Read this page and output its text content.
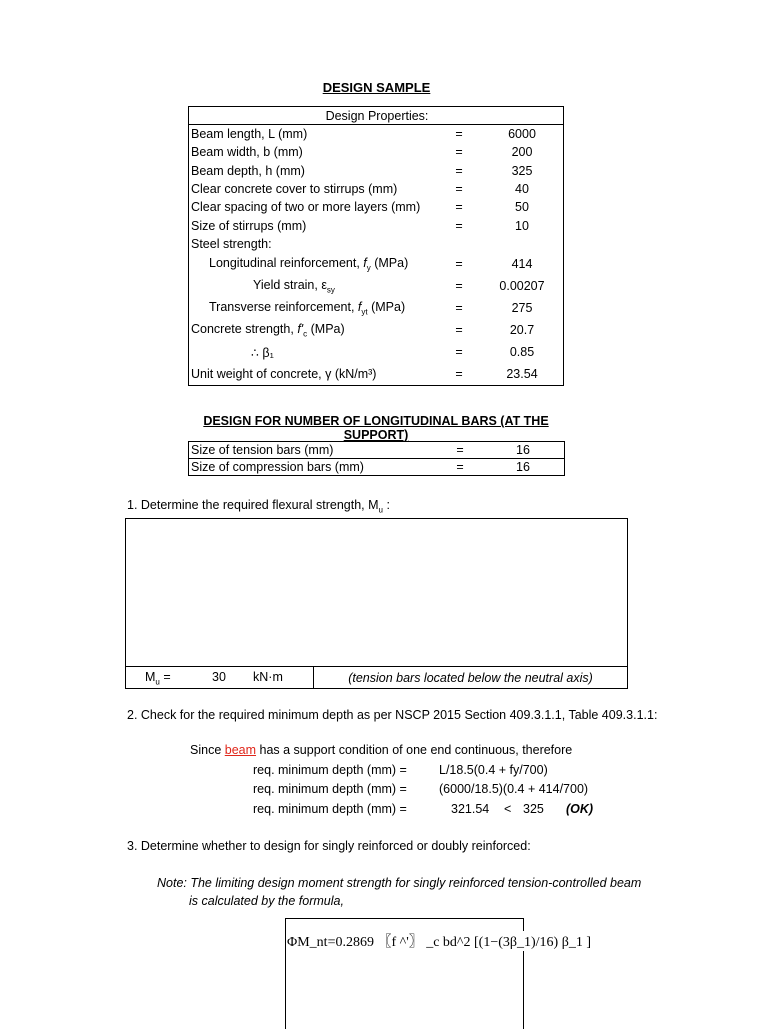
DESIGN SAMPLE
Design Properties:		
Beam length, L (mm)	=	6000
Beam width, b (mm)	=	200
Beam depth, h (mm)	=	325
Clear concrete cover to stirrups (mm)	=	40
Clear spacing of two or more layers (mm)	=	50
Size of stirrups (mm)	=	10
Steel strength:		
Longitudinal reinforcement, $f_y$ (MPa)	=	414
Yield strain, $\varepsilon_{sy}$	=	0.00207
Transverse reinforcement, $f_{yt}$ (MPa)	=	275
Concrete strength, $f'_c$ (MPa)	=	20.7
∴ β₁	=	0.85
Unit weight of concrete, γ (kN/m³)	=	23.54
DESIGN FOR NUMBER OF LONGITUDINAL BARS (AT THE SUPPORT)
Size of tension bars (mm)	=	16
Size of compression bars (mm)	=	16
1. Determine the required flexural strength, $M_u$ :
$M_u$ =	30 kN·m	(tension bars located below the neutral axis)
2. Check for the required minimum depth as per NSCP 2015 Section 409.3.1.1, Table 409.3.1.1:
Since beam has a support condition of one end continuous, therefore
req. minimum depth (mm) =	L/18.5(0.4 + fy/700)
req. minimum depth (mm) =	(6000/18.5)(0.4 + 414/700)
req. minimum depth (mm) =	321.54 < 325 (OK)
3. Determine whether to design for singly reinforced or doubly reinforced:
Note: The limiting design moment strength for singly reinforced tension-controlled beam
is calculated by the formula,
ΦM_nt=0.2869 〖f ^'〗 _c bd^2 [(1−(3β_1)/16) β_1 ]
